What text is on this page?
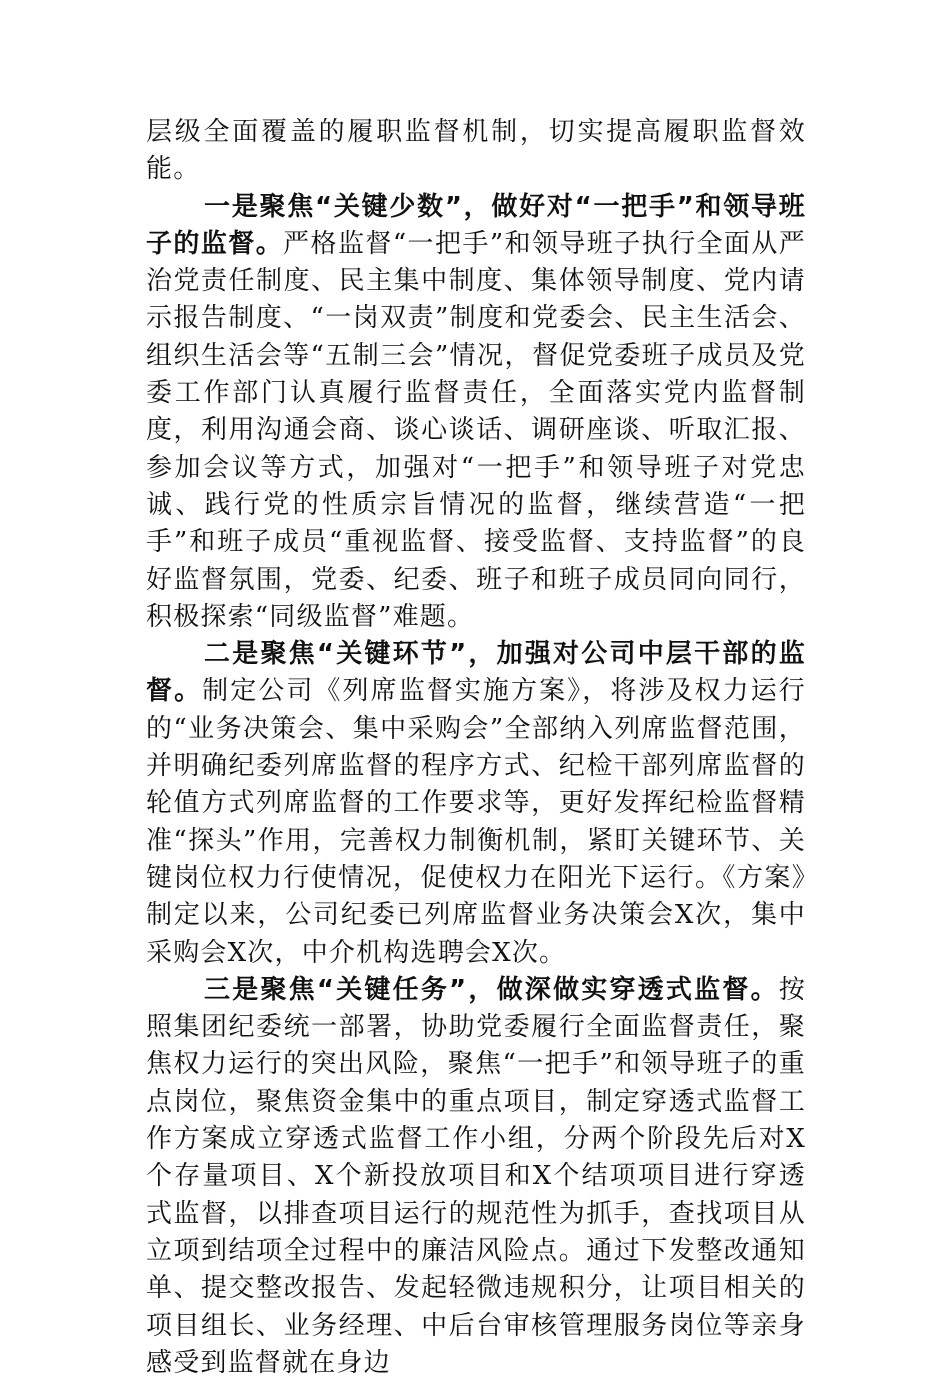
层级全面覆盖的履职监督机制，切实提高履职监督效能。

一是聚焦“关键少数”，做好对“一把手”和领导班子的监督。严格监督“一把手”和领导班子执行全面从严治党责任制度、民主集中制度、集体领导制度、党内请示报告制度、“一岗双责”制度和党委会、民主生活会、组织生活会等“五制三会”情况，督促党委班子成员及党委工作部门认真履行监督责任，全面落实党内监督制度，利用沟通会商、谈心谈话、调研座谈、听取汇报、参加会议等方式，加强对“一把手”和领导班子对党忠诚、践行党的性质宗旨情况的监督，继续营造“一把手”和班子成员“重视监督、接受监督、支持监督”的良好监督氛围，党委、纪委、班子和班子成员同向同行，积极探索“同级监督”难题。

二是聚焦“关键环节”，加强对公司中层干部的监督。制定公司《列席监督实施方案》，将涉及权力运行的“业务决策会、集中采购会”全部纳入列席监督范围，并明确纪委列席监督的程序方式、纪检干部列席监督的轮值方式列席监督的工作要求等，更好发挥纪检监督精准“探头”作用，完善权力制衡机制，紧盯关键环节、关键岗位权力行使情况，促使权力在阳光下运行。《方案》制定以来，公司纪委已列席监督业务决策会X次，集中采购会X次，中介机构选聘会X次。

三是聚焦“关键任务”，做深做实穿透式监督。按照集团纪委统一部署，协助党委履行全面监督责任，聚焦权力运行的突出风险，聚焦“一把手”和领导班子的重点岗位，聚焦资金集中的重点项目，制定穿透式监督工作方案成立穿透式监督工作小组，分两个阶段先后对X个存量项目、X个新投放项目和X个结项项目进行穿透式监督，以排查项目运行的规范性为抓手，查找项目从立项到结项全过程中的廉洁风险点。通过下发整改通知单、提交整改报告、发起轻微违规积分，让项目相关的项目组长、业务经理、中后台审核管理服务岗位等亲身感受到监督就在身边
